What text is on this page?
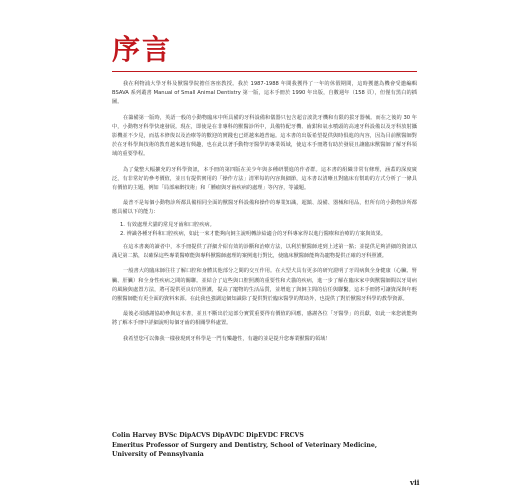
序言

我在利物浦大學牙科及獸醫學院擔任客座教授。我於 1987-1988 年間我獲得了一年的休假期間，這時獲邀為機會受邀編輯 BSAVA 系列叢書 Manual of Small Animal Dentistry 第一版，這本手冊於 1990 年出版，自數週年（158 頁），但僅有黑白的插圖。

在籌備第一版時，英語一般的小動物臨床中所具備的牙科設備和儀器只包含超音波洗牙機和有限的拔牙器械。而在之後的 30 年中，小動物牙科學快速發展。現在，即使是在非專科的獸醫診所中，具備特配牙機、齒鉗和氣水噴頭的高速牙科設備以及牙科放射攝影機並不少見，而基本修復以及治療等的歡迎的實踐也已經越來越普遍。這本書的出版希望提供與時俱進的內容，因為目前獸醫師對於在牙科學與技術的教育越來越有興趣，也在此以著手動物牙醫學的專業領域，使這本手冊將有助於發展且讓臨床獸醫師了解牙科領域的重要學程。

為了彙整大幅擴充的牙科學資訊，本手冊的第四版在美少年與多種研製進的作者群。這本書的組織非常有條理，涵蓋的深度廣泛，有非常好的參考價值，並且有提供實用的「操作方法」清單每的內容與細節，這本書以清晰且對臨床有幫助的方式分析了一條具有價值的主題，例如「局部麻醉技術」和「腫瘤與牙齒疾病的處理」等內容，等議題。

最普不是每個小動物診所都具備相同全面的獸醫牙科設備和操作的專業知識，超鎮、設備、器械和用品，但所有的小動物診所都應具備以下的能力：

1. 有效處理犬貓的常見牙齒和口腔疾病。

2. 辨識各種牙科和口腔疾病，如此一來才能夠向飼主說明轉診給適合的牙科專家得以進行醫療和治療的方案與效果。

在這本書裏的讀者中，本手冊提供了詳細介紹有效的診斷和治療方法，以利於獸醫師達到上述第一點；並提供足夠詳細的資訊以滿足第二點，以確保這些專業醫療能與專科獸醫師處理的案例進行對比，使臨床獸醫師能夠為寵物提供正確的牙科照護。

一般書大的臨床師往往了解口腔和身體其他部分之間的交互作用。在大型犬具有更多的研究證明了牙周病與全身健康（心臟、腎臟、肝臟）和全身性疾病之間的關聯。並結合了這些與口腔照護的重要性和犬貓的疾病，進一步了解在臨床家中與獸醫師間以牙周病的風險與處置方法，將可提供更良好的照護，提高了寵物的生活品質，並增進了與飼主間的信任與聯繫。這本手冊將可讓資深與年輕的獸醫師能有更全面的資料來源。在此我也強調這個知識除了提供對於臨床醫學的幫助外，也提供了對於獸醫牙科學的教學資源。

最後必須感謝協助參與這本書，並且不斷出於這部分實質重要得有價值的回應，感謝各位「牙醫學」的貢獻，如此一來您就能夠將了解本手冊中詳細說明每個牙齒的相關學科處置。

我希望您可以像我一樣發現到牙科學是一門有樂趣性，有趣的並是提升您專業獸醫的領域！

Colin Harvey BVSc DipACVS DipAVDC DipEVDC FRCVS
Emeritus Professor of Surgery and Dentistry, School of Veterinary Medicine,
University of Pennsylvania
vii
